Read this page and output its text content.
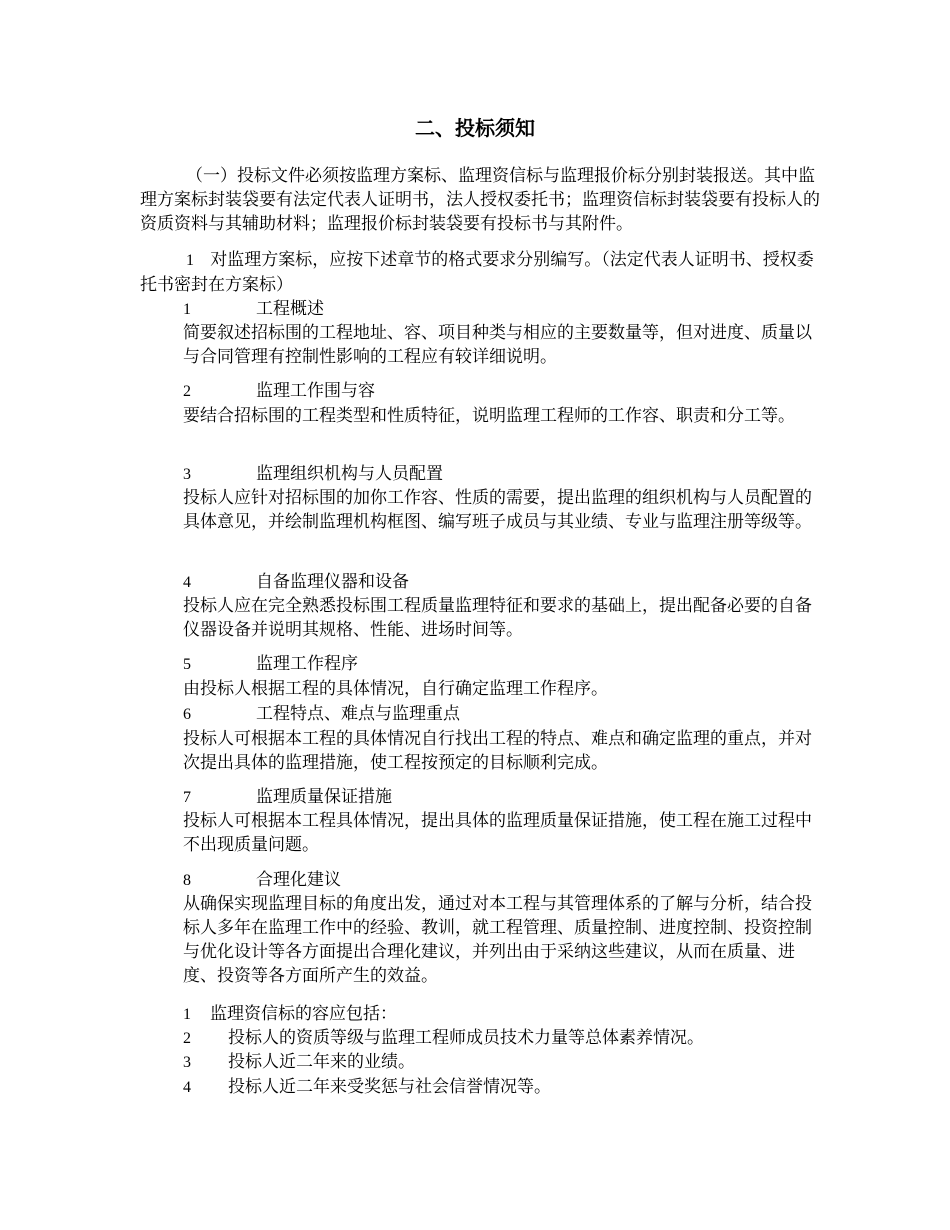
二、投标须知

（一）投标文件必须按监理方案标、监理资信标与监理报价标分别封装报送。其中监理方案标封装袋要有法定代表人证明书，法人授权委托书；监理资信标封装袋要有投标人的资质资料与其辅助材料；监理报价标封装袋要有投标书与其附件。

1 对监理方案标，应按下述章节的格式要求分别编写。（法定代表人证明书、授权委托书密封在方案标）

1	工程概述

简要叙述招标围的工程地址、容、项目种类与相应的主要数量等，但对进度、质量以与合同管理有控制性影响的工程应有较详细说明。

2	监理工作围与容

要结合招标围的工程类型和性质特征，说明监理工程师的工作容、职责和分工等。

3	监理组织机构与人员配置

投标人应针对招标围的加你工作容、性质的需要，提出监理的组织机构与人员配置的具体意见，并绘制监理机构框图、编写班子成员与其业绩、专业与监理注册等级等。

4	自备监理仪器和设备

投标人应在完全熟悉投标围工程质量监理特征和要求的基础上，提出配备必要的自备仪器设备并说明其规格、性能、进场时间等。

5	监理工作程序

由投标人根据工程的具体情况，自行确定监理工作程序。

6	工程特点、难点与监理重点

投标人可根据本工程的具体情况自行找出工程的特点、难点和确定监理的重点，并对次提出具体的监理措施，使工程按预定的目标顺利完成。

7	监理质量保证措施

投标人可根据本工程具体情况，提出具体的监理质量保证措施，使工程在施工过程中不出现质量问题。

8	合理化建议

从确保实现监理目标的角度出发，通过对本工程与其管理体系的了解与分析，结合投标人多年在监理工作中的经验、教训，就工程管理、质量控制、进度控制、投资控制与优化设计等各方面提出合理化建议，并列出由于采纳这些建议，从而在质量、进度、投资等各方面所产生的效益。

1 监理资信标的容应包括：
2 投标人的资质等级与监理工程师成员技术力量等总体素养情况。
3 投标人近二年来的业绩。
4 投标人近二年来受奖惩与社会信誉情况等。
